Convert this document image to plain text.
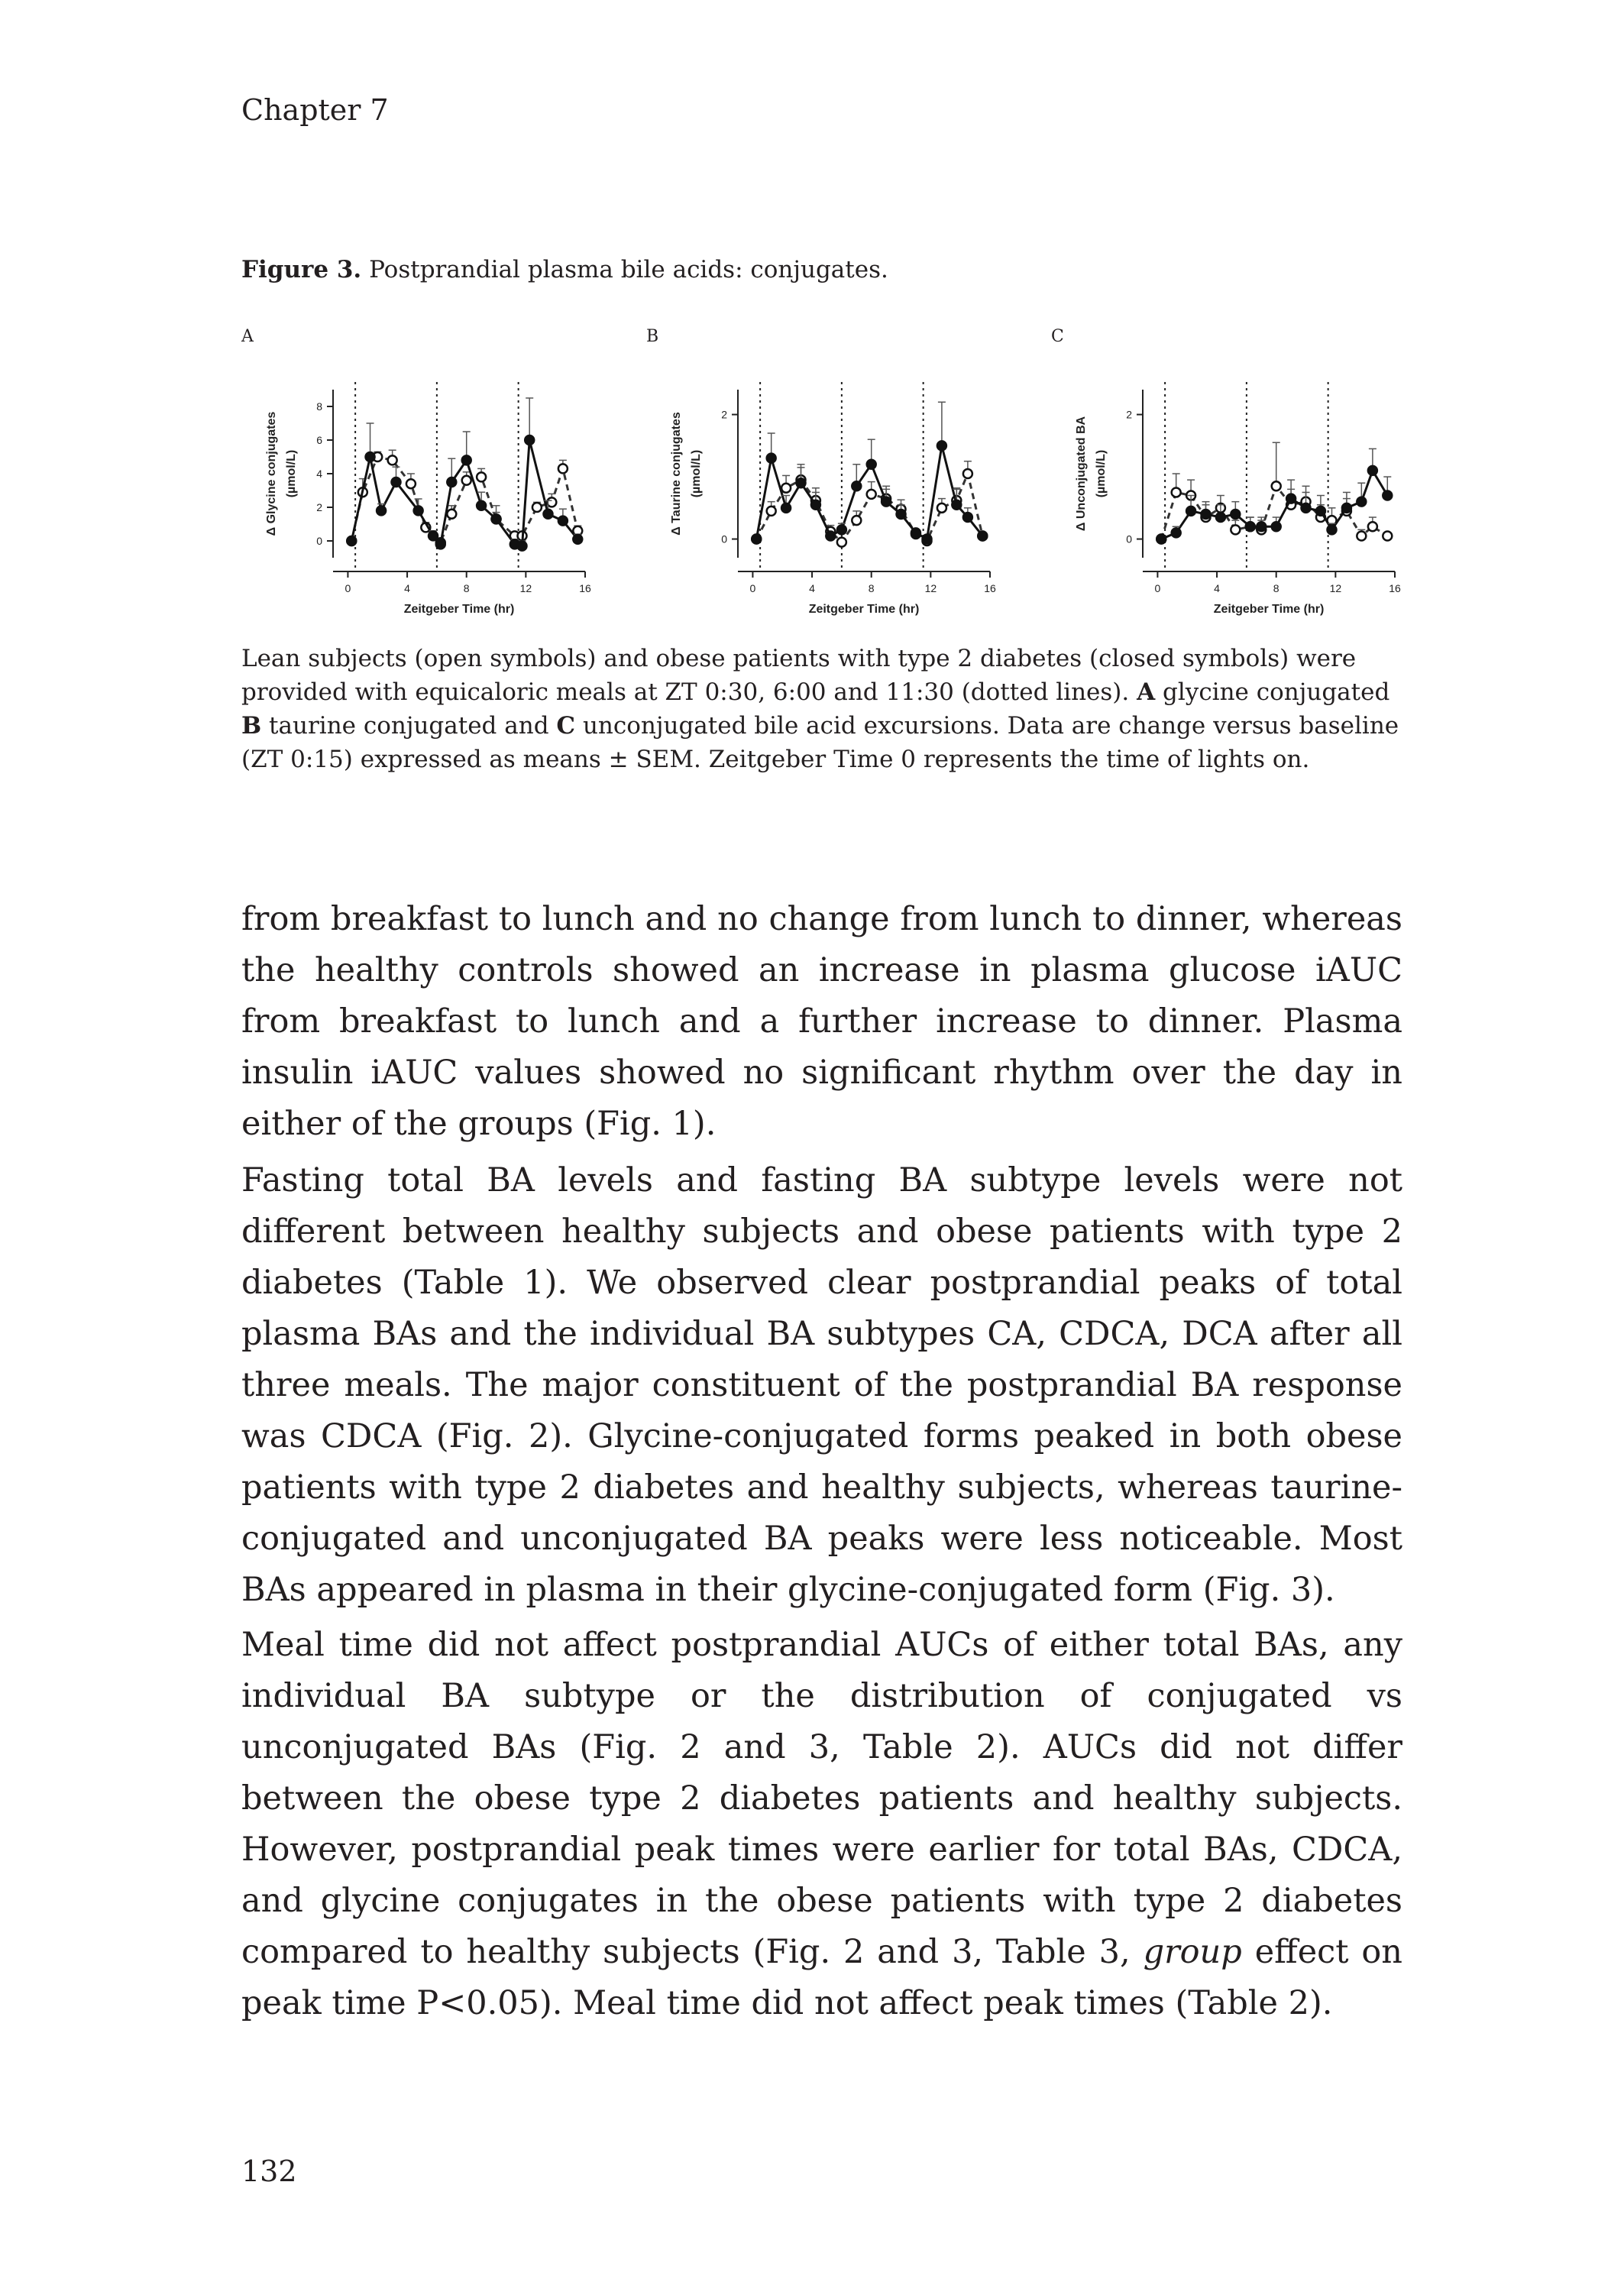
Chapter 7
Figure 3. Postprandial plasma bile acids: conjugates.
A	B	C
0
2
4
6
8
0	4	8	12	16
Zeitgeber Time (hr)
Δ Glycine conjugates (µmol/L)
0
2
0	4	8	12	16
Zeitgeber Time (hr)
Δ Taurine conjugates (µmol/L)
0
2
0	4	8	12	16
Zeitgeber Time (hr)
Δ Unconjugated BA (µmol/L)
Lean subjects (open symbols) and obese patients with type 2 diabetes (closed symbols) were provided with equicaloric meals at ZT 0:30, 6:00 and 11:30 (dotted lines). A glycine conjugated B taurine conjugated and C unconjugated bile acid excursions. Data are change versus baseline (ZT 0:15) expressed as means ± SEM. Zeitgeber Time 0 represents the time of lights on.

from breakfast to lunch and no change from lunch to dinner, whereas the healthy controls showed an increase in plasma glucose iAUC from breakfast to lunch and a further increase to dinner. Plasma insulin iAUC values showed no significant rhythm over the day in either of the groups (Fig. 1).

Fasting total BA levels and fasting BA subtype levels were not different between healthy subjects and obese patients with type 2 diabetes (Table 1). We observed clear postprandial peaks of total plasma BAs and the individual BA subtypes CA, CDCA, DCA after all three meals. The major constituent of the postprandial BA response was CDCA (Fig. 2). Glycine-conjugated forms peaked in both obese patients with type 2 diabetes and healthy subjects, whereas taurine-conjugated and unconjugated BA peaks were less noticeable. Most BAs appeared in plasma in their glycine-conjugated form (Fig. 3).

Meal time did not affect postprandial AUCs of either total BAs, any individual BA subtype or the distribution of conjugated vs unconjugated BAs (Fig. 2 and 3, Table 2). AUCs did not differ between the obese type 2 diabetes patients and healthy subjects. However, postprandial peak times were earlier for total BAs, CDCA, and glycine conjugates in the obese patients with type 2 diabetes compared to healthy subjects (Fig. 2 and 3, Table 3, group effect on peak time P<0.05). Meal time did not affect peak times (Table 2).

132
